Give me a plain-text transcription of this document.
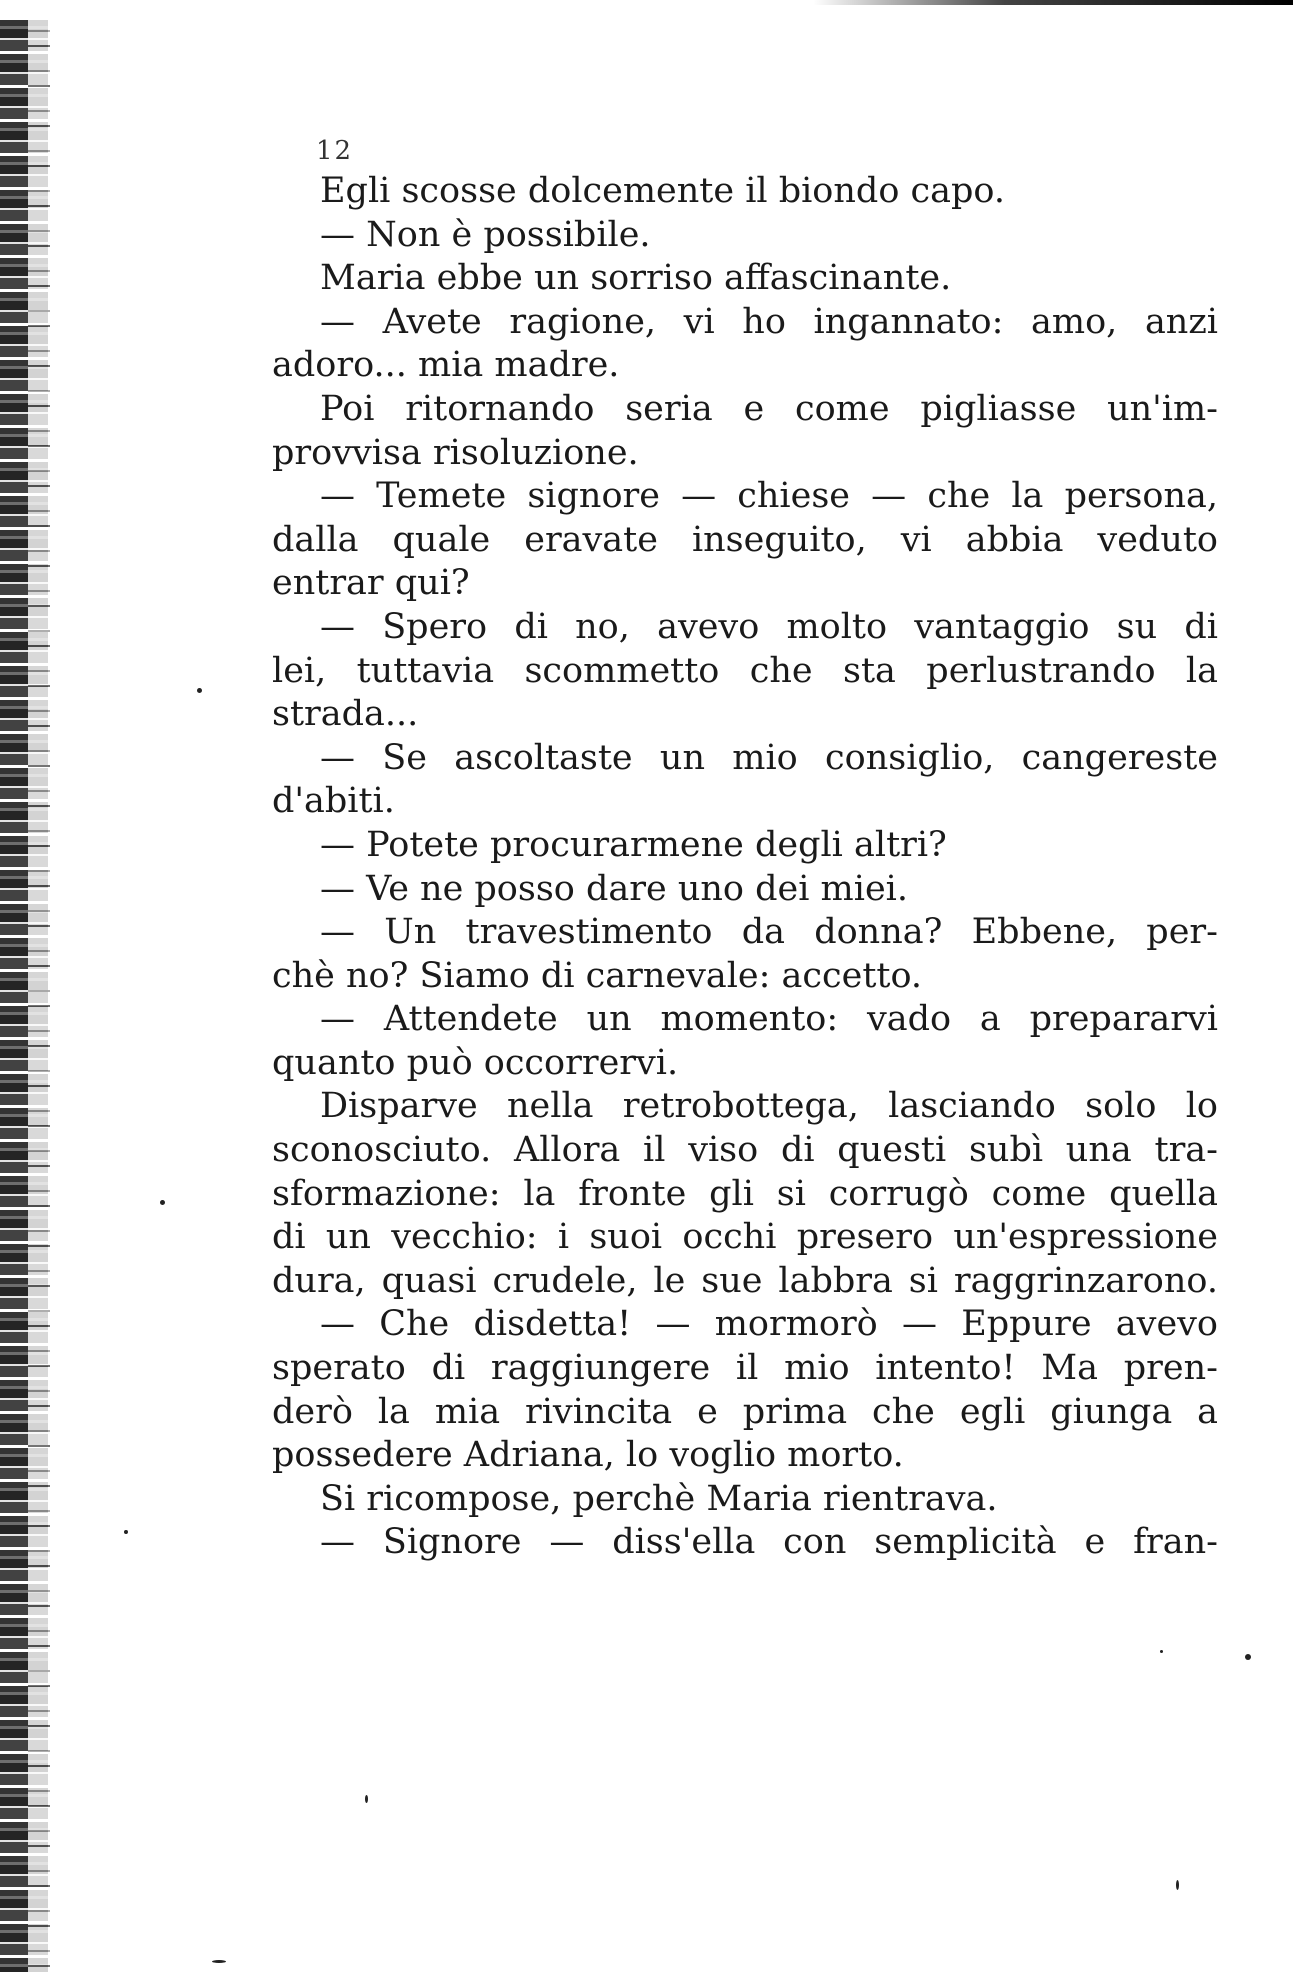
12
Egli scosse dolcemente il biondo capo.
— Non è possibile.
Maria ebbe un sorriso affascinante.
— Avete ragione, vi ho ingannato: amo, anzi
adoro... mia madre.
Poi ritornando seria e come pigliasse un'im-
provvisa risoluzione.
— Temete signore — chiese — che la persona,
dalla quale eravate inseguito, vi abbia veduto
entrar qui?
— Spero di no, avevo molto vantaggio su di
lei, tuttavia scommetto che sta perlustrando la
strada...
— Se ascoltaste un mio consiglio, cangereste
d'abiti.
— Potete procurarmene degli altri?
— Ve ne posso dare uno dei miei.
— Un travestimento da donna? Ebbene, per-
chè no? Siamo di carnevale: accetto.
— Attendete un momento: vado a prepararvi
quanto può occorrervi.
Disparve nella retrobottega, lasciando solo lo
sconosciuto. Allora il viso di questi subì una tra-
sformazione: la fronte gli si corrugò come quella
di un vecchio: i suoi occhi presero un'espressione
dura, quasi crudele, le sue labbra si raggrinzarono.
— Che disdetta! — mormorò — Eppure avevo
sperato di raggiungere il mio intento! Ma pren-
derò la mia rivincita e prima che egli giunga a
possedere Adriana, lo voglio morto.
Si ricompose, perchè Maria rientrava.
— Signore — diss'ella con semplicità e fran-
